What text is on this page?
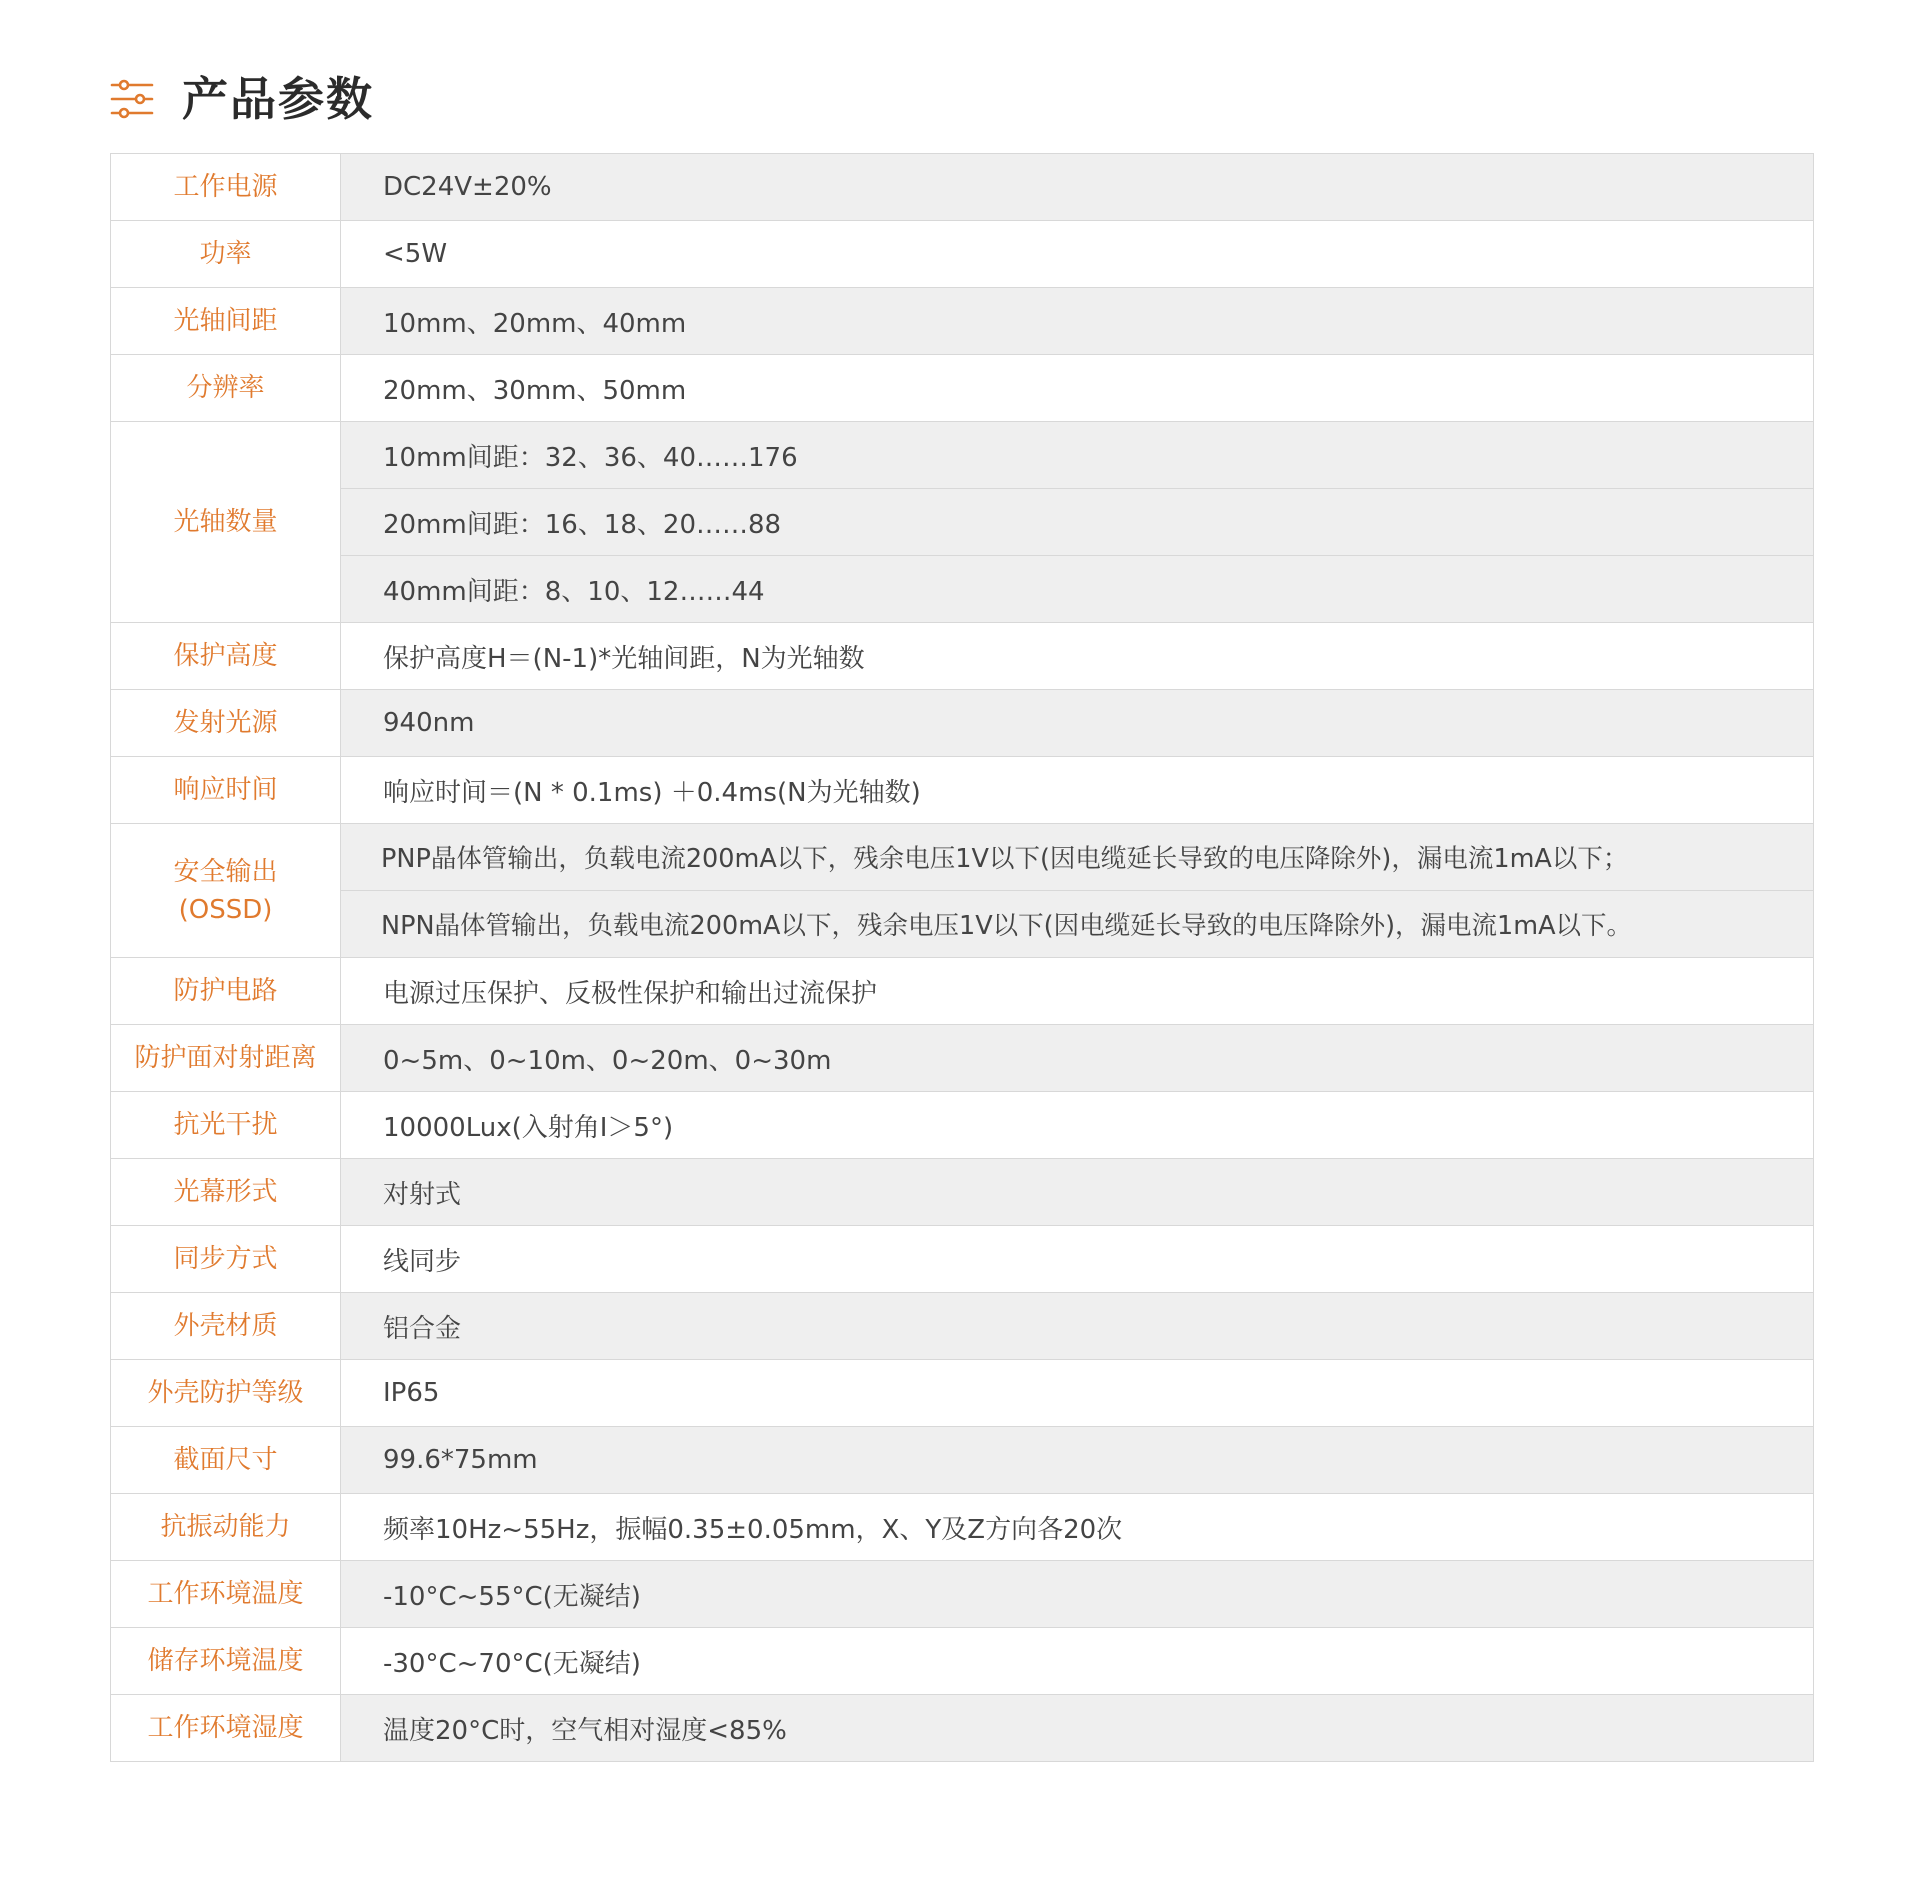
产品参数
工作电源	DC24V±20%
功率	<5W
光轴间距	10mm、20mm、40mm
分辨率	20mm、30mm、50mm
光轴数量	10mm间距：32、36、40……176
	20mm间距：16、18、20……88
	40mm间距：8、10、12……44
保护高度	保护高度H＝(N-1)*光轴间距，N为光轴数
发射光源	940nm
响应时间	响应时间＝(N * 0.1ms) ＋0.4ms(N为光轴数)
安全输出
(OSSD)	PNP晶体管输出，负载电流200mA以下，残余电压1V以下(因电缆延长导致的电压降除外)，漏电流1mA以下；
	NPN晶体管输出，负载电流200mA以下，残余电压1V以下(因电缆延长导致的电压降除外)，漏电流1mA以下。
防护电路	电源过压保护、反极性保护和输出过流保护
防护面对射距离	0~5m、0~10m、0~20m、0~30m
抗光干扰	10000Lux(入射角I＞5°)
光幕形式	对射式
同步方式	线同步
外壳材质	铝合金
外壳防护等级	IP65
截面尺寸	99.6*75mm
抗振动能力	频率10Hz~55Hz，振幅0.35±0.05mm，X、Y及Z方向各20次
工作环境温度	-10°C~55°C(无凝结)
储存环境温度	-30°C~70°C(无凝结)
工作环境湿度	温度20°C时，空气相对湿度<85%
